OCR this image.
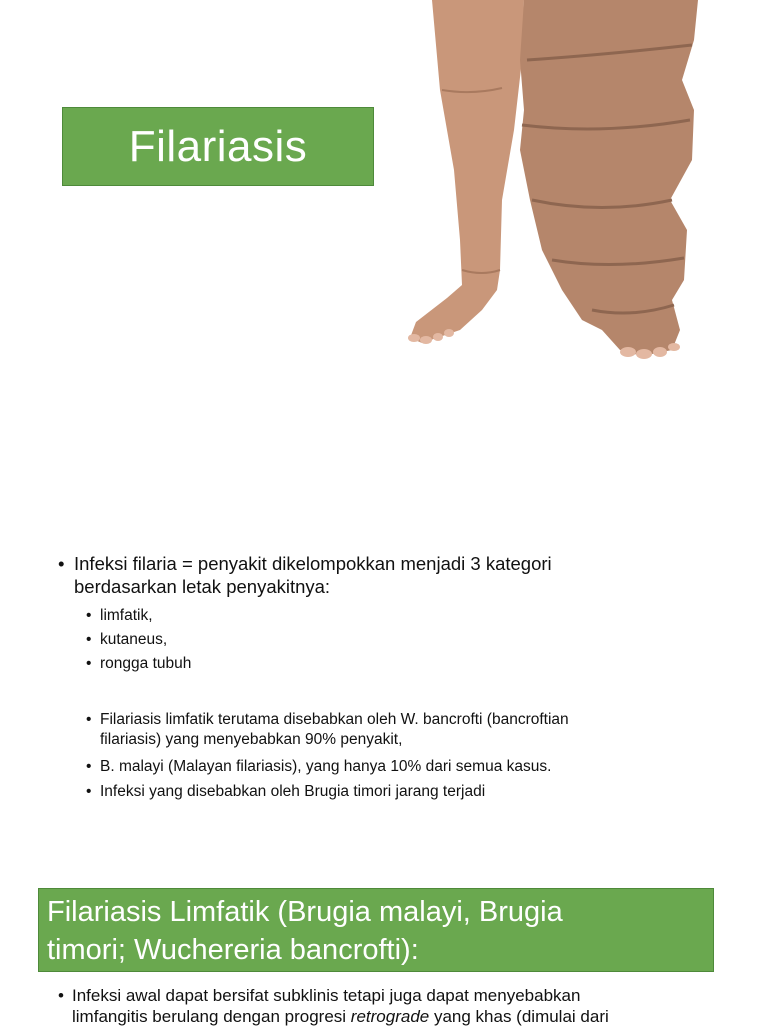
Filariasis
• Infeksi filaria = penyakit dikelompokkan menjadi 3 kategori
berdasarkan letak penyakitnya:
• limfatik,
• kutaneus,
• rongga tubuh
• Filariasis limfatik terutama disebabkan oleh W. bancrofti (bancroftian
filariasis) yang menyebabkan 90% penyakit,
• B. malayi (Malayan filariasis), yang hanya 10% dari semua kasus.
• Infeksi yang disebabkan oleh Brugia timori jarang terjadi
Filariasis Limfatik (Brugia malayi, Brugia
timori; Wuchereria bancrofti):
• Infeksi awal dapat bersifat subklinis tetapi juga dapat menyebabkan
limfangitis berulang dengan progresi retrograde yang khas (dimulai dari
